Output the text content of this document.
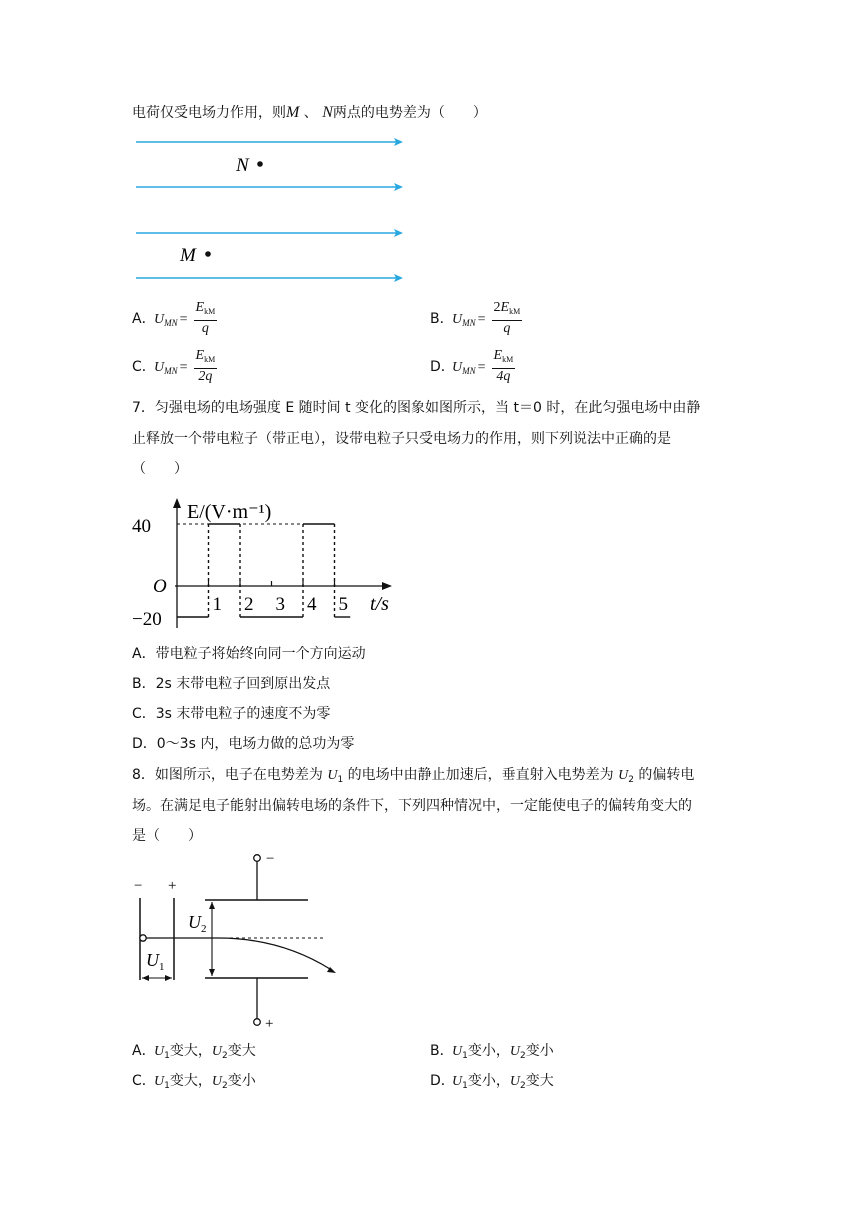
电荷仅受电场力作用，则M 、 N两点的电势差为（　　）
N
M
A．$U_{MN} = \frac{E_{kM}}{q}$	B．$U_{MN} = \frac{2E_{kM}}{q}$
C．$U_{MN} = \frac{E_{kM}}{2q}$	D．$U_{MN} = \frac{E_{kM}}{4q}$
7．匀强电场的电场强度 E 随时间 t 变化的图象如图所示，当 t＝0 时，在此匀强电场中由静
止释放一个带电粒子（带正电），设带电粒子只受电场力的作用，则下列说法中正确的是
（　　）
1 2 3 4 5
40
O
−20
E/(V·m⁻¹)
t/s
A．带电粒子将始终向同一个方向运动
B．2s 末带电粒子回到原出发点
C．3s 末带电粒子的速度不为零
D．0～3s 内，电场力做的总功为零
8．如图所示，电子在电势差为 $U_1$ 的电场中由静止加速后，垂直射入电势差为 $U_2$ 的偏转电
场。在满足电子能射出偏转电场的条件下，下列四种情况中，一定能使电子的偏转角变大的
是（　　）
− +
$U_1$
−
+
$U_2$
A．$U_1$变大，$U_2$变大	B．$U_1$变小，$U_2$变小
C．$U_1$变大，$U_2$变小	D．$U_1$变小，$U_2$变大
